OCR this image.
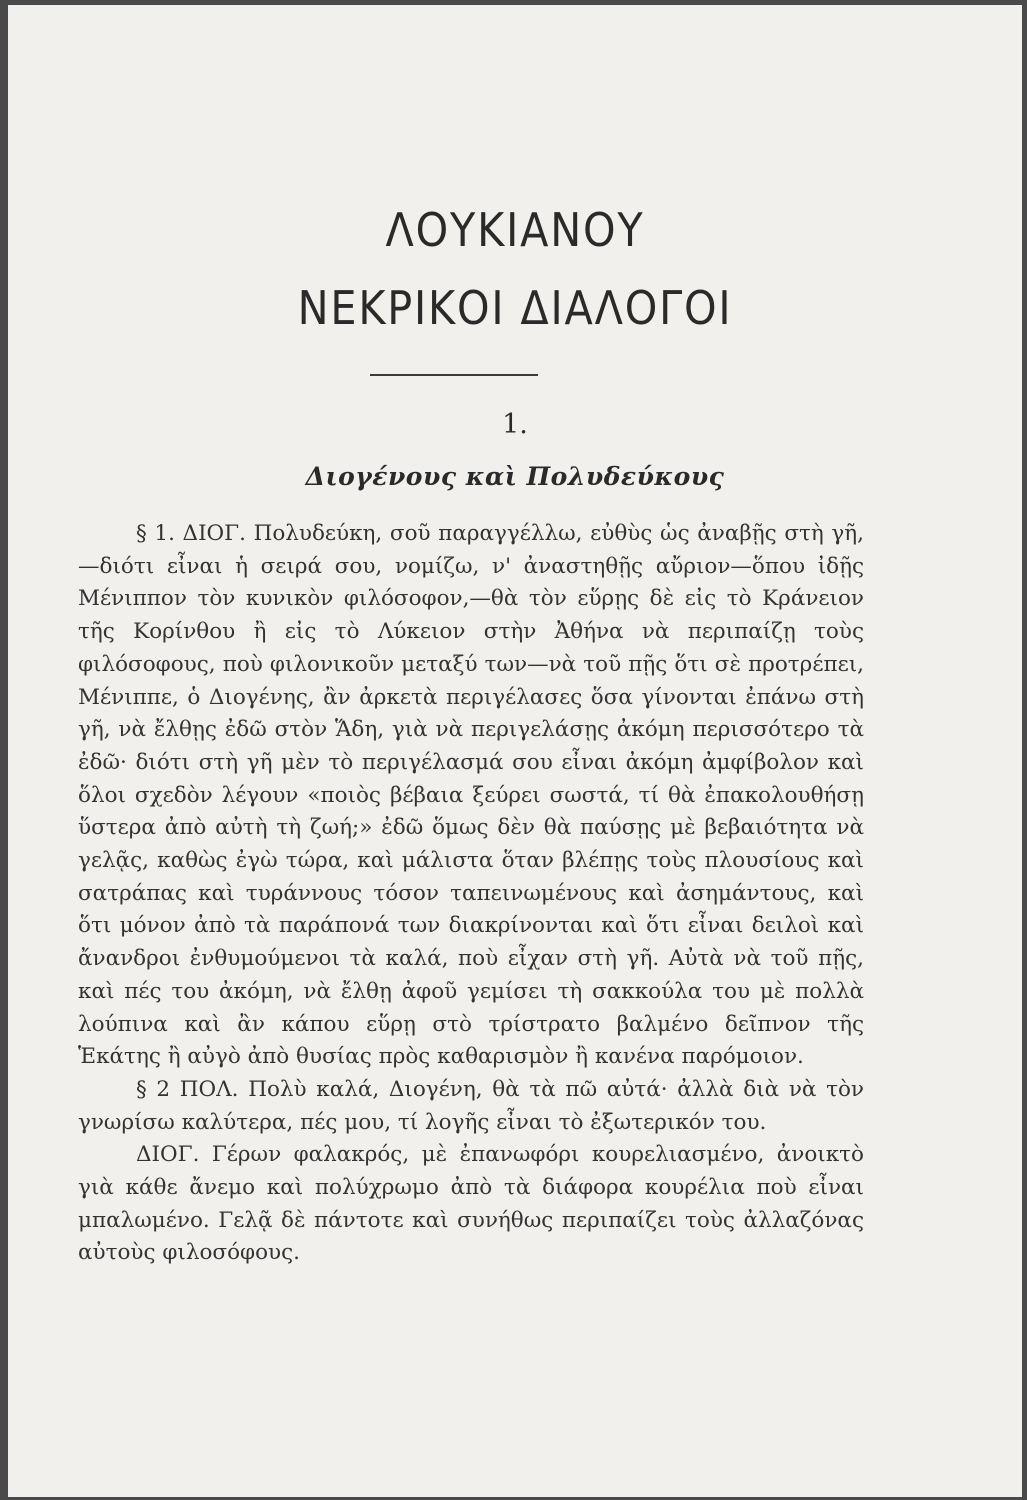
ΛΟΥΚΙΑΝΟΥ
ΝΕΚΡΙΚΟΙ ΔΙΑΛΟΓΟΙ
1.
Διογένους καὶ Πολυδεύκους

§ 1. ΔΙΟΓ. Πολυδεύκη, σοῦ παραγγέλλω, εὐθὺς ὡς ἀναβῇς στὴ γῆ,—διότι εἶναι ἡ σειρά σου, νομίζω, ν' ἀναστηθῇς αὔριον—ὅπου ἰδῇς Μένιππον τὸν κυνικὸν φιλόσοφον,—θὰ τὸν εὕρῃς δὲ εἰς τὸ Κράνειον τῆς Κορίνθου ἢ εἰς τὸ Λύκειον στὴν Ἀθήνα νὰ περιπαίζῃ τοὺς φιλόσοφους, ποὺ φιλονικοῦν μεταξύ των—νὰ τοῦ πῇς ὅτι σὲ προτρέπει, Μένιππε, ὁ Διογένης, ἂν ἀρκετὰ περιγέλασες ὅσα γίνονται ἐπάνω στὴ γῆ, νὰ ἔλθῃς ἐδῶ στὸν Ἅδη, γιὰ νὰ περιγελάσῃς ἀκόμη περισσότερο τὰ ἐδῶ· διότι στὴ γῆ μὲν τὸ περιγέλασμά σου εἶναι ἀκόμη ἀμφίβολον καὶ ὅλοι σχεδὸν λέγουν «ποιὸς βέβαια ξεύρει σωστά, τί θὰ ἐπακολουθήσῃ ὕστερα ἀπὸ αὐτὴ τὴ ζωή;» ἐδῶ ὅμως δὲν θὰ παύσῃς μὲ βεβαιότητα νὰ γελᾷς, καθὼς ἐγὼ τώρα, καὶ μάλιστα ὅταν βλέπῃς τοὺς πλουσίους καὶ σατράπας καὶ τυράννους τόσον ταπεινωμένους καὶ ἀσημάντους, καὶ ὅτι μόνον ἀπὸ τὰ παράπονά των διακρίνονται καὶ ὅτι εἶναι δειλοὶ καὶ ἄνανδροι ἐνθυμούμενοι τὰ καλά, ποὺ εἶχαν στὴ γῆ. Αὐτὰ νὰ τοῦ πῇς, καὶ πές του ἀκόμη, νὰ ἔλθῃ ἀφοῦ γεμίσει τὴ σακκούλα του μὲ πολλὰ λούπινα καὶ ἂν κάπου εὕρῃ στὸ τρίστρατο βαλμένο δεῖπνον τῆς Ἑκάτης ἢ αὐγὸ ἀπὸ θυσίας πρὸς καθαρισμὸν ἢ κανένα παρόμοιον.

§ 2 ΠΟΛ. Πολὺ καλά, Διογένη, θὰ τὰ πῶ αὐτά· ἀλλὰ διὰ νὰ τὸν γνωρίσω καλύτερα, πές μου, τί λογῆς εἶναι τὸ ἐξωτερικόν του.

ΔΙΟΓ. Γέρων φαλακρός, μὲ ἐπανωφόρι κουρελιασμένο, ἀνοικτὸ γιὰ κάθε ἄνεμο καὶ πολύχρωμο ἀπὸ τὰ διάφορα κουρέλια ποὺ εἶναι μπαλωμένο. Γελᾷ δὲ πάντοτε καὶ συνήθως περιπαίζει τοὺς ἀλλαζόνας αὐτοὺς φιλοσόφους.
